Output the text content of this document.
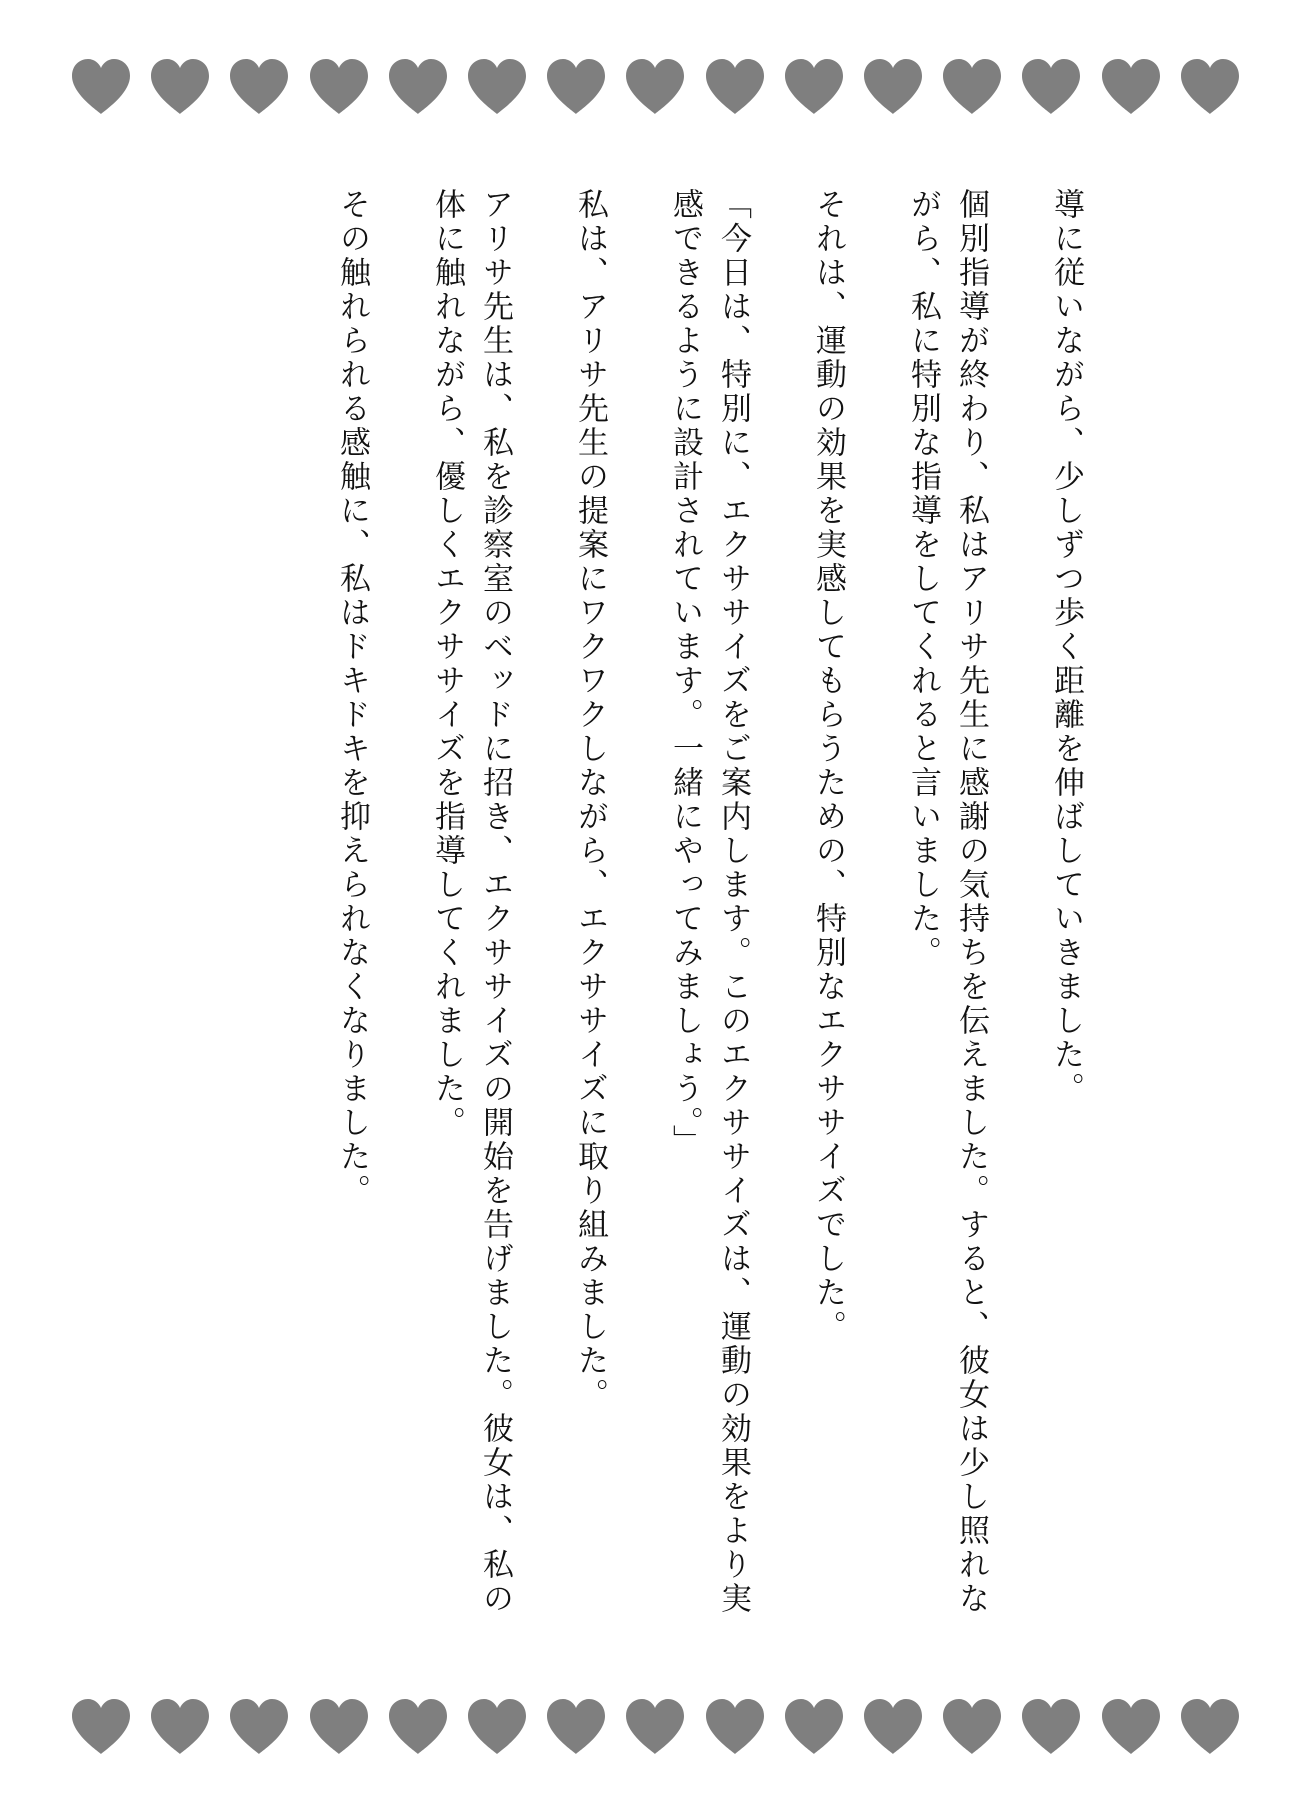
導に従いながら、少しずつ歩く距離を伸ばしていきました。

個別指導が終わり、私はアリサ先生に感謝の気持ちを伝えました。すると、彼女は少し照れながら、私に特別な指導をしてくれると言いました。

それは、運動の効果を実感してもらうための、特別なエクササイズでした。

「今日は、特別に、エクササイズをご案内します。このエクササイズは、運動の効果をより実感できるように設計されています。一緒にやってみましょう。」

私は、アリサ先生の提案にワクワクしながら、エクササイズに取り組みました。

アリサ先生は、私を診察室のベッドに招き、エクササイズの開始を告げました。彼女は、私の体に触れながら、優しくエクササイズを指導してくれました。

その触れられる感触に、私はドキドキを抑えられなくなりました。
